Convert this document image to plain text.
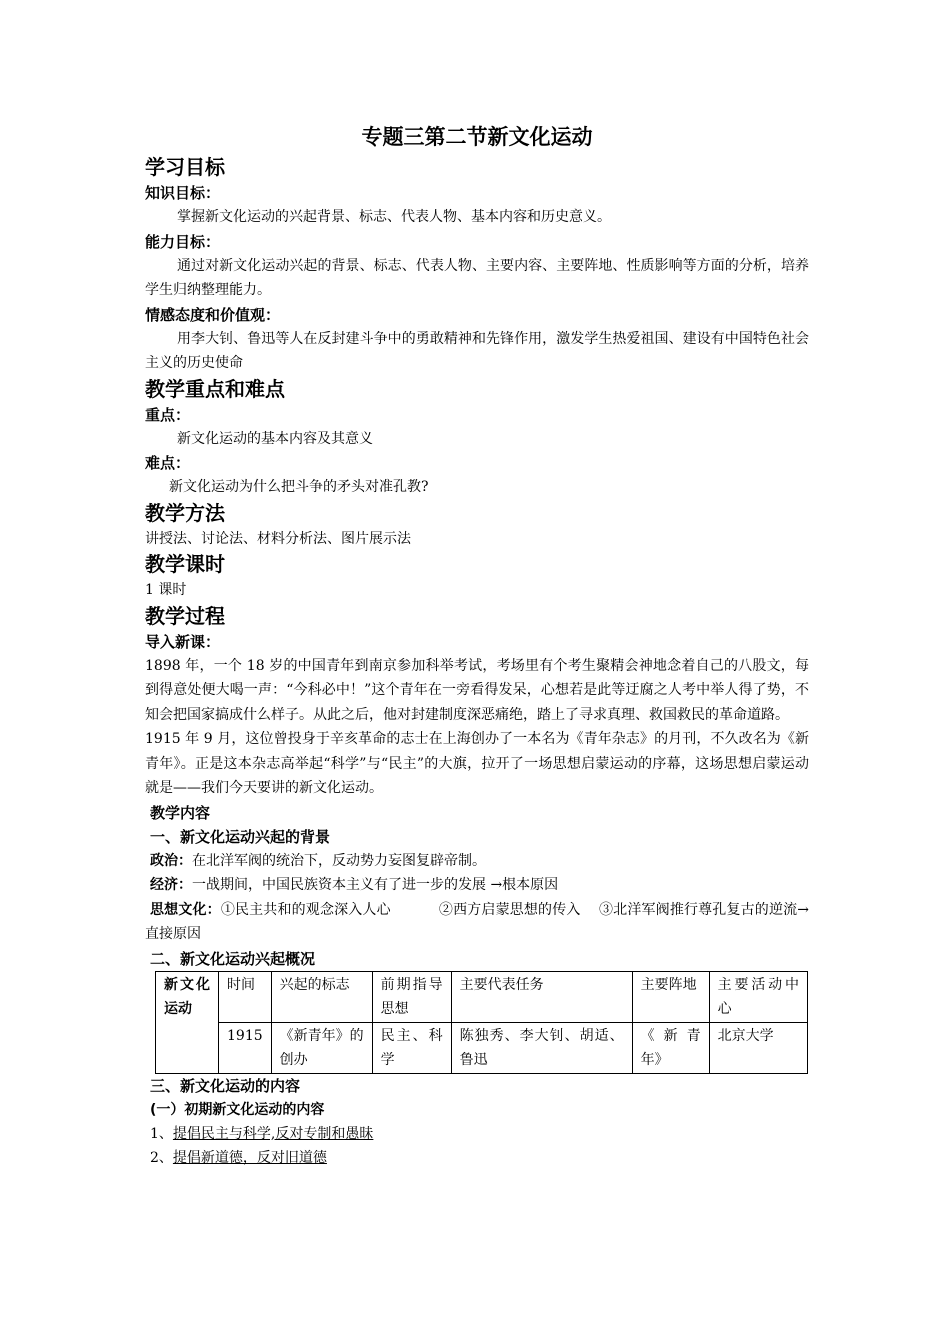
专题三第二节新文化运动
学习目标
知识目标：
掌握新文化运动的兴起背景、标志、代表人物、基本内容和历史意义。
能力目标：
通过对新文化运动兴起的背景、标志、代表人物、主要内容、主要阵地、性质影响等方面的分析，培养学生归纳整理能力。
情感态度和价值观：
用李大钊、鲁迅等人在反封建斗争中的勇敢精神和先锋作用，激发学生热爱祖国、建设有中国特色社会主义的历史使命
教学重点和难点
重点：
新文化运动的基本内容及其意义
难点：
新文化运动为什么把斗争的矛头对准孔教?
教学方法
讲授法、讨论法、材料分析法、图片展示法
教学课时
1 课时
教学过程
导入新课：
1898 年，一个 18 岁的中国青年到南京参加科举考试，考场里有个考生聚精会神地念着自己的八股文，每到得意处便大喝一声：“今科必中！”这个青年在一旁看得发呆，心想若是此等迂腐之人考中举人得了势，不知会把国家搞成什么样子。从此之后，他对封建制度深恶痛绝，踏上了寻求真理、救国救民的革命道路。
1915 年 9 月，这位曾投身于辛亥革命的志士在上海创办了一本名为《青年杂志》的月刊，不久改名为《新青年》。正是这本杂志高举起“科学”与“民主”的大旗，拉开了一场思想启蒙运动的序幕，这场思想启蒙运动就是——我们今天要讲的新文化运动。
教学内容
一、新文化运动兴起的背景
政治：在北洋军阀的统治下，反动势力妄图复辟帝制。
经济：一战期间，中国民族资本主义有了进一步的发展 →根本原因
思想文化：①民主共和的观念深入人心	②西方启蒙思想的传入 ③北洋军阀推行尊孔复古的逆流→直接原因
二、新文化运动兴起概况
新文化运动	时间	兴起的标志	前期指导思想	主要代表任务	主要阵地	主要活动中心
	1915	《新青年》的创办	民主、科学	陈独秀、李大钊、胡适、鲁迅	《新青年》	北京大学
三、新文化运动的内容
(一）初期新文化运动的内容
1、提倡民主与科学,反对专制和愚昧
2、提倡新道德，反对旧道德
